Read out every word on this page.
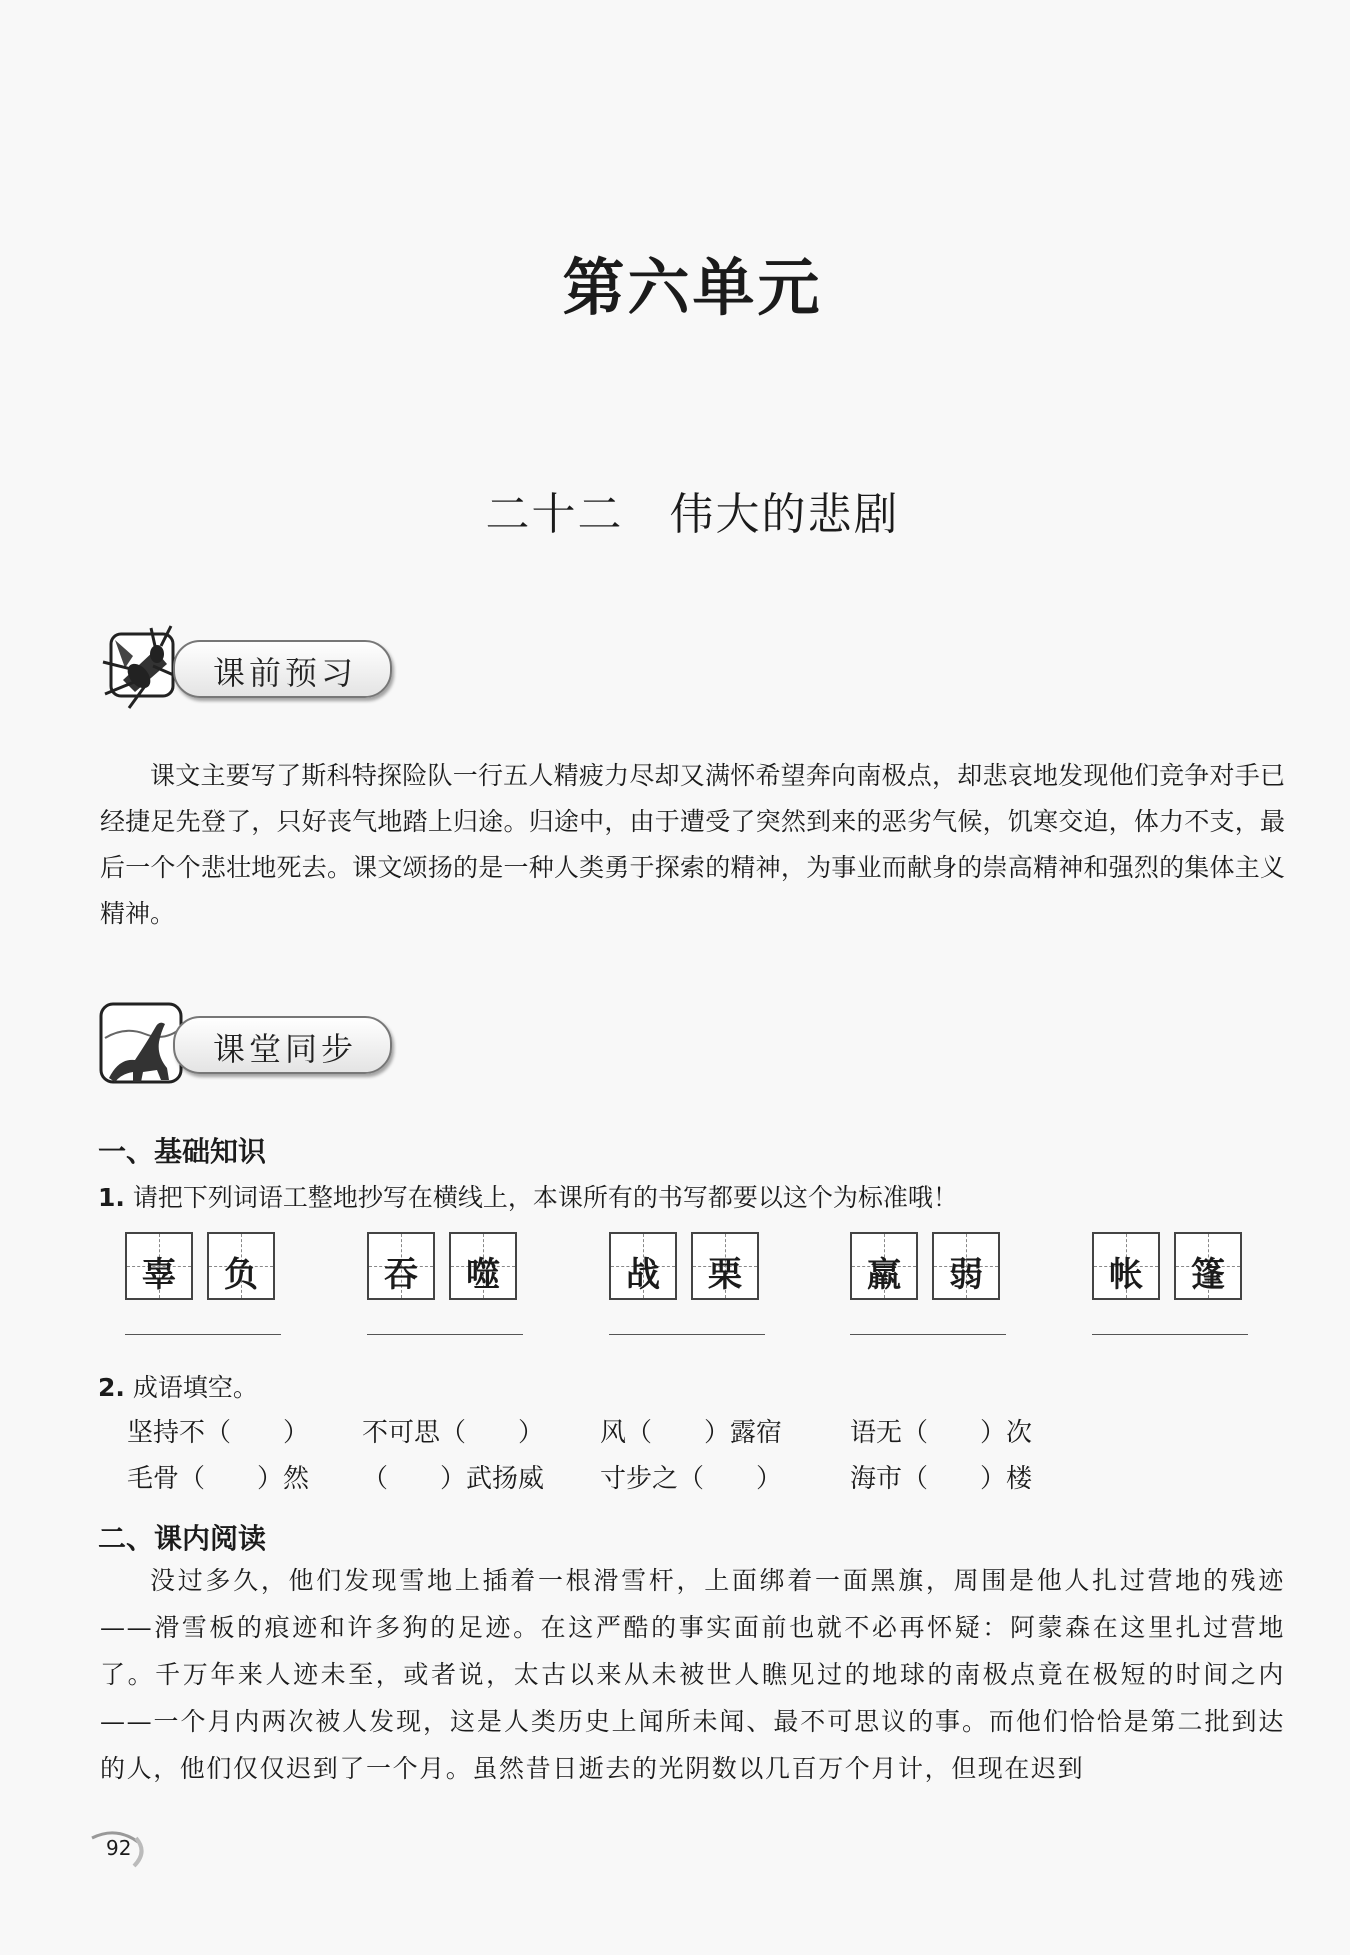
第六单元
二十二　伟大的悲剧
课前预习

课文主要写了斯科特探险队一行五人精疲力尽却又满怀希望奔向南极点，却悲哀地发现他们竞争对手已经捷足先登了，只好丧气地踏上归途。归途中，由于遭受了突然到来的恶劣气候，饥寒交迫，体力不支，最后一个个悲壮地死去。课文颂扬的是一种人类勇于探索的精神，为事业而献身的崇高精神和强烈的集体主义精神。

课堂同步
一、基础知识
1. 请把下列词语工整地抄写在横线上，本课所有的书写都要以这个为标准哦！
辜	负	吞	噬	战	栗	羸	弱	帐	篷
2. 成语填空。
坚持不（　　） 不可思（　　） 风（　　）露宿	语无（　　）次
毛骨（　　）然 （　　）武扬威 寸步之（　　）	海市（　　）楼
二、课内阅读

没过多久，他们发现雪地上插着一根滑雪杆，上面绑着一面黑旗，周围是他人扎过营地的残迹——滑雪板的痕迹和许多狗的足迹。在这严酷的事实面前也就不必再怀疑：阿蒙森在这里扎过营地了。千万年来人迹未至，或者说，太古以来从未被世人瞧见过的地球的南极点竟在极短的时间之内——一个月内两次被人发现，这是人类历史上闻所未闻、最不可思议的事。而他们恰恰是第二批到达的人，他们仅仅迟到了一个月。虽然昔日逝去的光阴数以几百万个月计，但现在迟到

92
